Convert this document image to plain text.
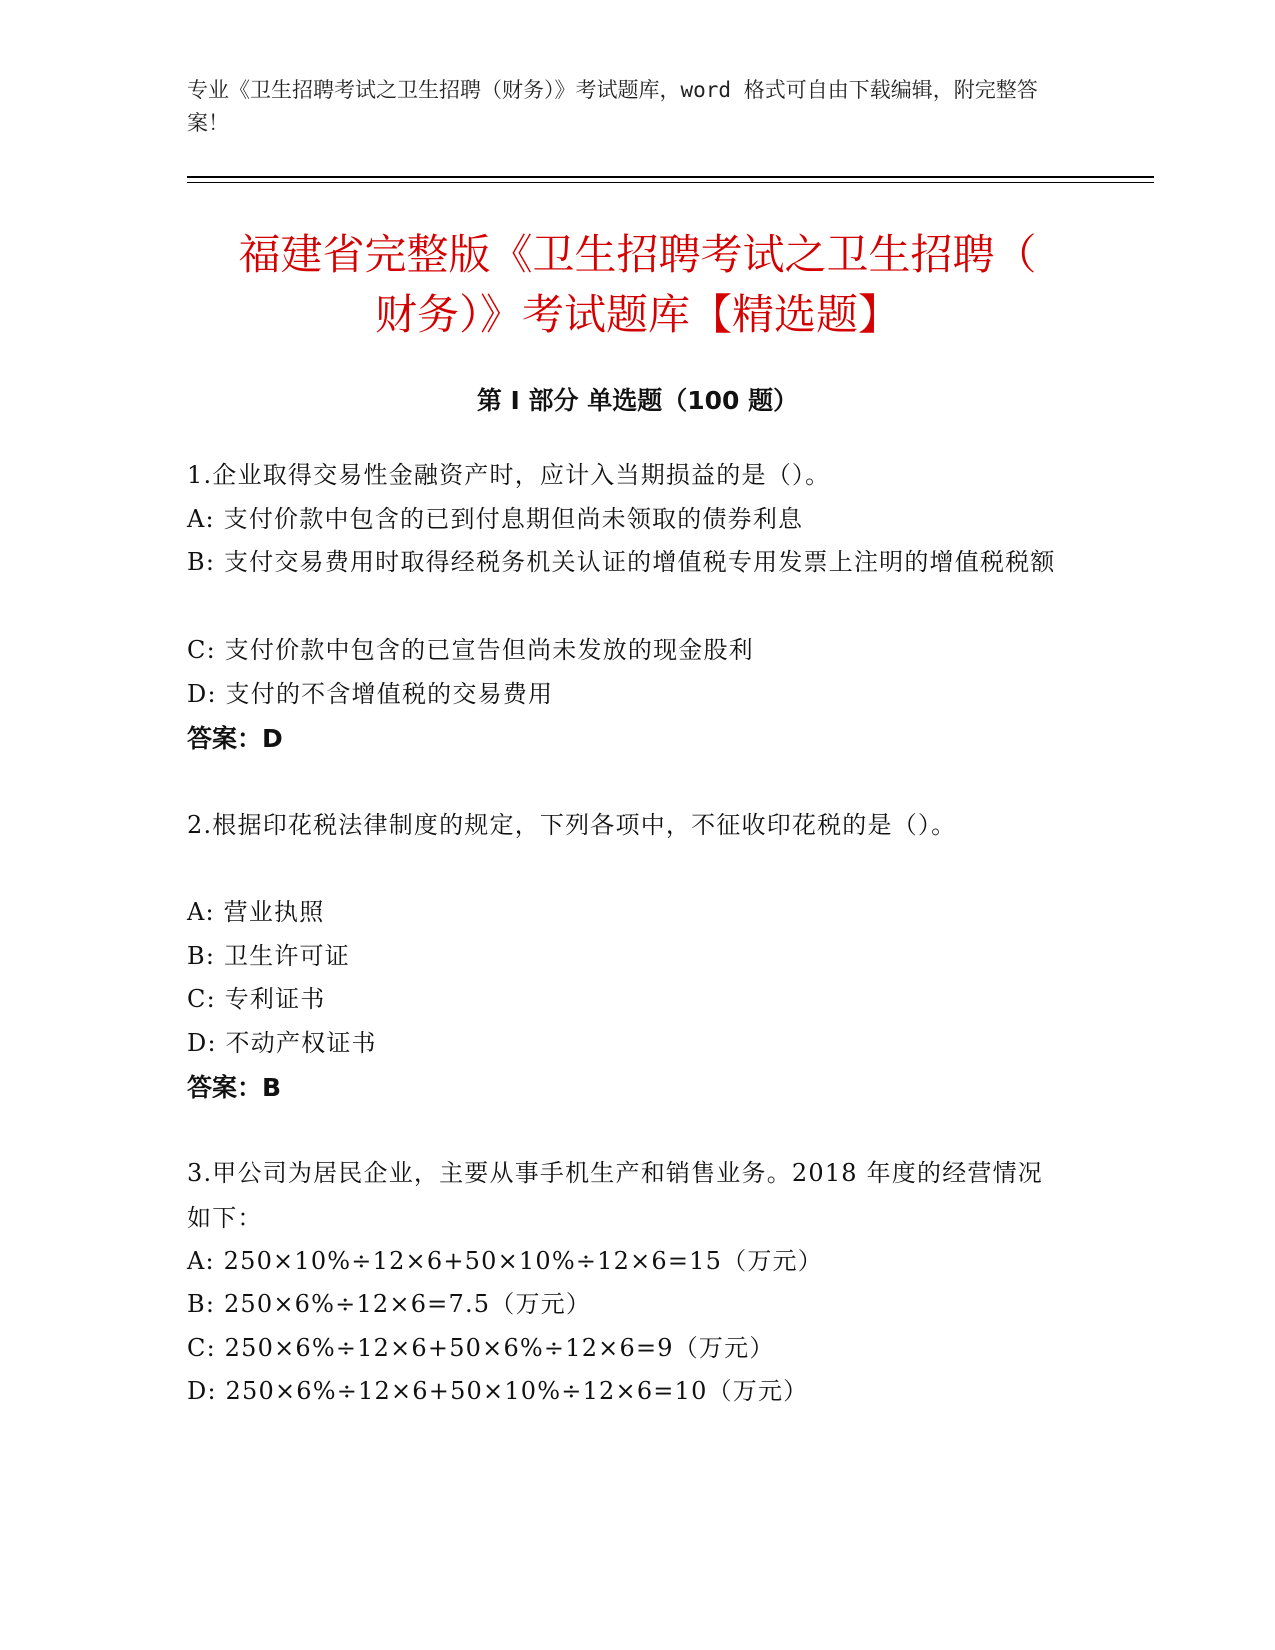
专业《卫生招聘考试之卫生招聘（财务）》考试题库，word 格式可自由下载编辑，附完整答案！

福建省完整版《卫生招聘考试之卫生招聘（
财务）》考试题库【精选题】
第 I 部分 单选题（100 题）

1.企业取得交易性金融资产时，应计入当期损益的是（）。

A: 支付价款中包含的已到付息期但尚未领取的债券利息

B: 支付交易费用时取得经税务机关认证的增值税专用发票上注明的增值税税额

C: 支付价款中包含的已宣告但尚未发放的现金股利

D: 支付的不含增值税的交易费用

答案：D

2.根据印花税法律制度的规定，下列各项中，不征收印花税的是（）。

A: 营业执照

B: 卫生许可证

C: 专利证书

D: 不动产权证书

答案：B

3.甲公司为居民企业，主要从事手机生产和销售业务。2018 年度的经营情况如下：

A: 250×10%÷12×6+50×10%÷12×6=15（万元）

B: 250×6%÷12×6=7.5（万元）

C: 250×6%÷12×6+50×6%÷12×6=9（万元）

D: 250×6%÷12×6+50×10%÷12×6=10（万元）
